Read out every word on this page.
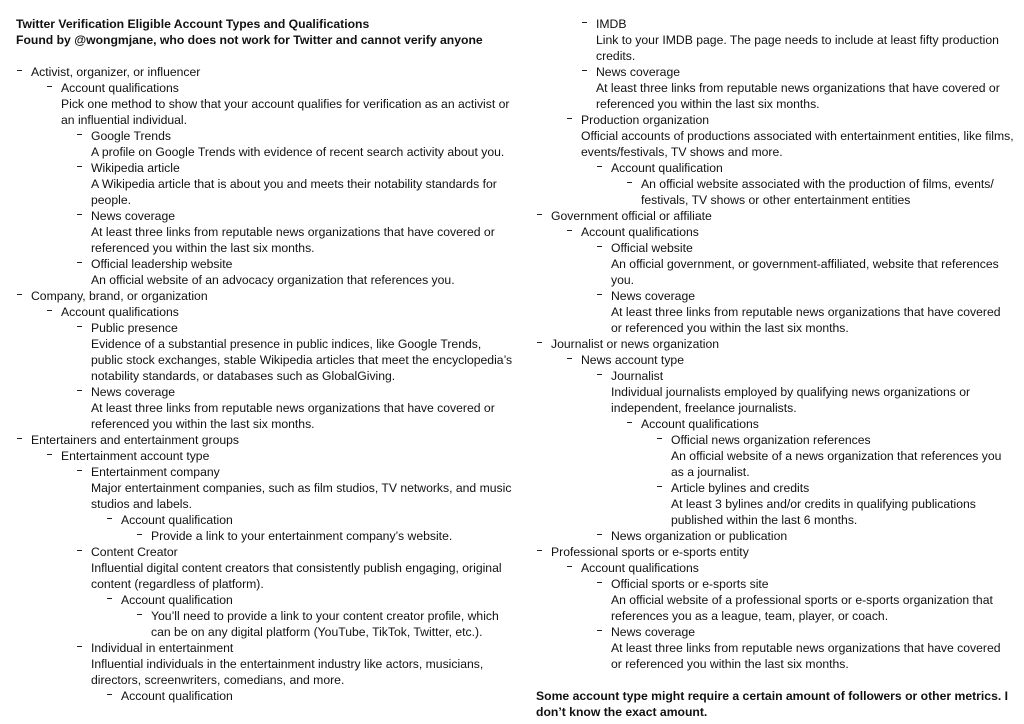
Twitter Verification Eligible Account Types and Qualifications
Found by @wongmjane, who does not work for Twitter and cannot verify anyone
Activist, organizer, or influencer
Account qualifications
Pick one method to show that your account qualifies for verification as an activist or an influential individual.
Google Trends
A profile on Google Trends with evidence of recent search activity about you.
Wikipedia article
A Wikipedia article that is about you and meets their notability standards for people.
News coverage
At least three links from reputable news organizations that have covered or referenced you within the last six months.
Official leadership website
An official website of an advocacy organization that references you.
Company, brand, or organization
Account qualifications
Public presence
Evidence of a substantial presence in public indices, like Google Trends, public stock exchanges, stable Wikipedia articles that meet the encyclopedia’s notability standards, or databases such as GlobalGiving.
News coverage
At least three links from reputable news organizations that have covered or referenced you within the last six months.
Entertainers and entertainment groups
Entertainment account type
Entertainment company
Major entertainment companies, such as film studios, TV networks, and music studios and labels.
Account qualification
Provide a link to your entertainment company’s website.
Content Creator
Influential digital content creators that consistently publish engaging, original content (regardless of platform).
Account qualification
You’ll need to provide a link to your content creator profile, which can be on any digital platform (YouTube, TikTok, Twitter, etc.).
Individual in entertainment
Influential individuals in the entertainment industry like actors, musicians, directors, screenwriters, comedians, and more.
Account qualification
IMDB
Link to your IMDB page. The page needs to include at least fifty production credits.
News coverage
At least three links from reputable news organizations that have covered or referenced you within the last six months.
Production organization
Official accounts of productions associated with entertainment entities, like films, events/festivals, TV shows and more.
Account qualification
An official website associated with the production of films, events/ festivals, TV shows or other entertainment entities
Government official or affiliate
Account qualifications
Official website
An official government, or government-affiliated, website that references you.
News coverage
At least three links from reputable news organizations that have covered or referenced you within the last six months.
Journalist or news organization
News account type
Journalist
Individual journalists employed by qualifying news organizations or independent, freelance journalists.
Account qualifications
Official news organization references
An official website of a news organization that references you as a journalist.
Article bylines and credits
At least 3 bylines and/or credits in qualifying publications published within the last 6 months.
News organization or publication
Professional sports or e-sports entity
Account qualifications
Official sports or e-sports site
An official website of a professional sports or e-sports organization that references you as a league, team, player, or coach.
News coverage
At least three links from reputable news organizations that have covered or referenced you within the last six months.
Some account type might require a certain amount of followers or other metrics. I don’t know the exact amount.
